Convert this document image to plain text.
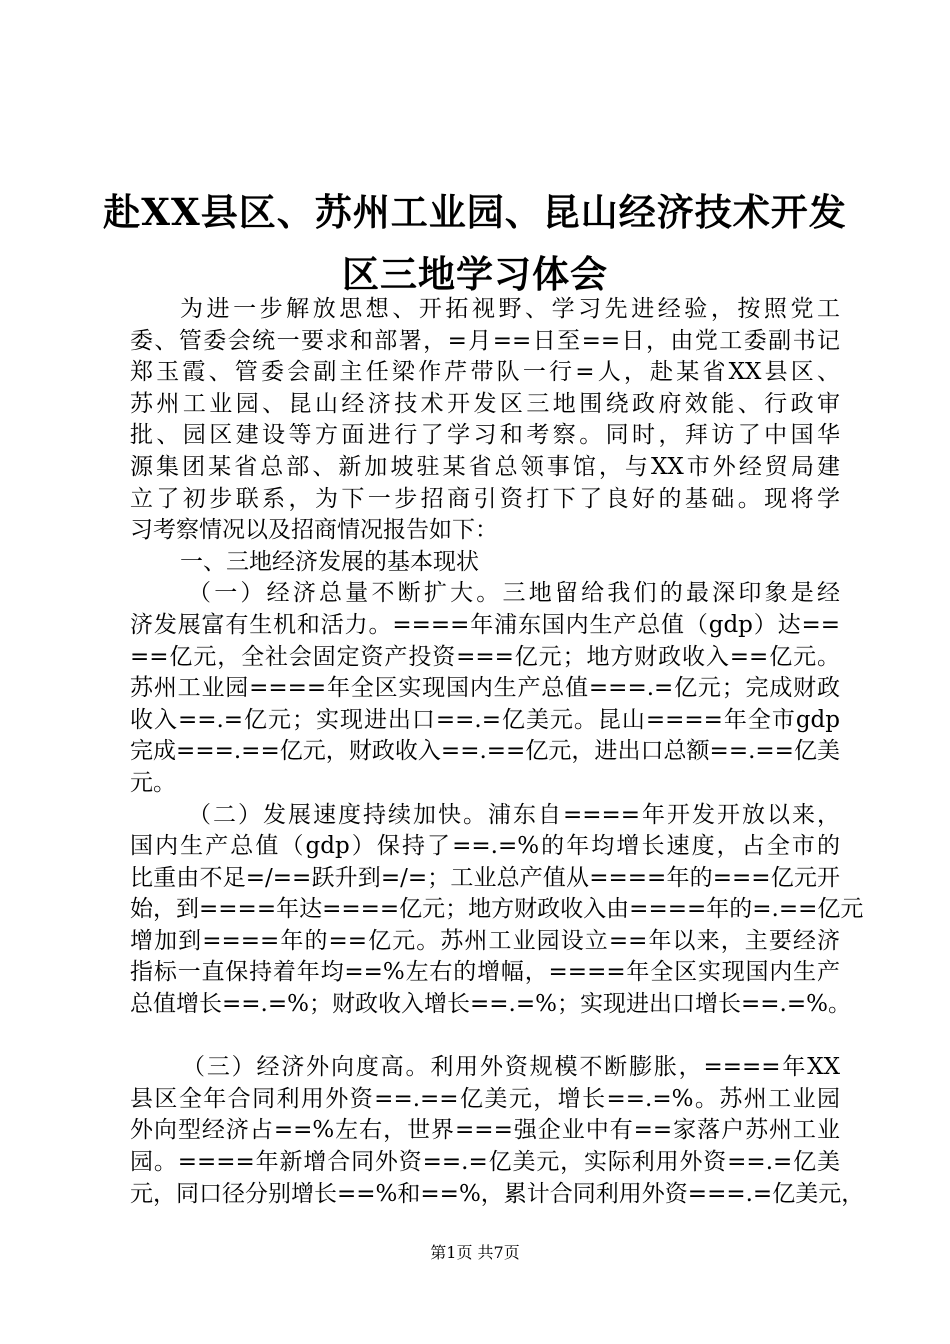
赴XX县区、苏州工业园、昆山经济技术开发
区三地学习体会
为进一步解放思想、开拓视野、学习先进经验，按照党工
委、管委会统一要求和部署，=月==日至==日，由党工委副书记
郑玉霞、管委会副主任梁作芹带队一行=人，赴某省XX县区、
苏州工业园、昆山经济技术开发区三地围绕政府效能、行政审
批、园区建设等方面进行了学习和考察。同时，拜访了中国华
源集团某省总部、新加坡驻某省总领事馆，与XX市外经贸局建
立了初步联系，为下一步招商引资打下了良好的基础。现将学
习考察情况以及招商情况报告如下：
一、三地经济发展的基本现状
（一）经济总量不断扩大。三地留给我们的最深印象是经
济发展富有生机和活力。====年浦东国内生产总值（gdp）达==
==亿元，全社会固定资产投资===亿元；地方财政收入==亿元。
苏州工业园====年全区实现国内生产总值===.=亿元；完成财政
收入==.=亿元；实现进出口==.=亿美元。昆山====年全市gdp
完成===.==亿元，财政收入==.==亿元，进出口总额==.==亿美
元。
（二）发展速度持续加快。浦东自====年开发开放以来，
国内生产总值（gdp）保持了==.=%的年均增长速度，占全市的
比重由不足=/==跃升到=/=；工业总产值从====年的===亿元开
始，到====年达====亿元；地方财政收入由====年的=.==亿元
增加到====年的==亿元。苏州工业园设立==年以来，主要经济
指标一直保持着年均==%左右的增幅，====年全区实现国内生产
总值增长==.=%；财政收入增长==.=%；实现进出口增长==.=%。
（三）经济外向度高。利用外资规模不断膨胀，====年XX
县区全年合同利用外资==.==亿美元，增长==.=%。苏州工业园
外向型经济占==%左右，世界===强企业中有==家落户苏州工业
园。====年新增合同外资==.=亿美元，实际利用外资==.=亿美
元，同口径分别增长==%和==%，累计合同利用外资===.=亿美元，
第1页 共7页
